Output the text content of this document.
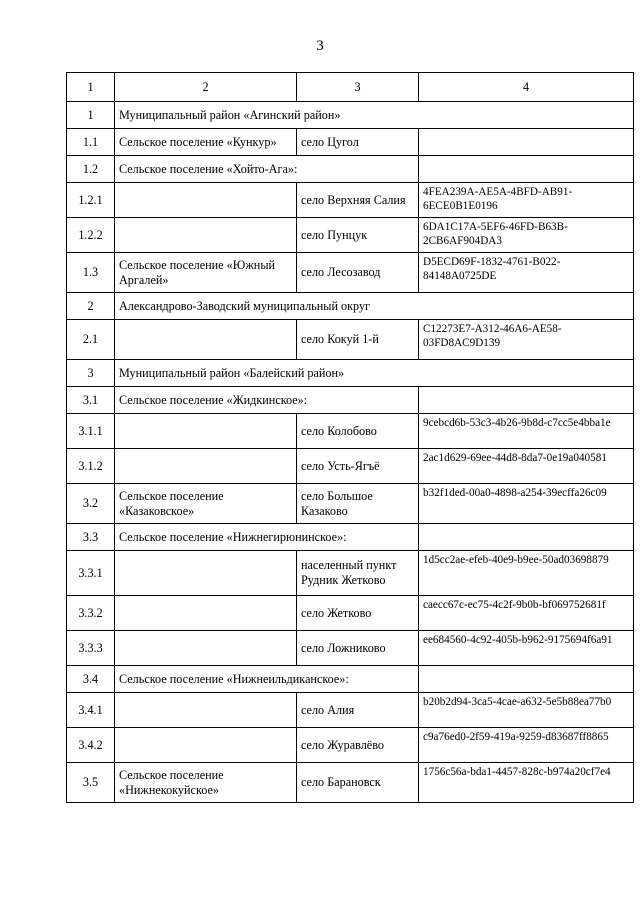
3
1	2	3	4
1	Муниципальный район «Агинский район»		
1.1	Сельское поселение «Кункур»	село Цугол	
1.2	Сельское поселение «Хойто-Ага»:		
1.2.1		село Верхняя Салия	4FEA239A-AE5A-4BFD-AB91-6ECE0B1E0196
1.2.2		село Пунцук	6DA1C17A-5EF6-46FD-B63B-2CB6AF904DA3
1.3	Сельское поселение «Южный Аргалей»	село Лесозавод	D5ECD69F-1832-4761-B022-84148A0725DE
2	Александрово-Заводский муниципальный округ		
2.1		село Кокуй 1-й	C12273E7-A312-46A6-AE58-03FD8AC9D139
3	Муниципальный район «Балейский район»		
3.1	Сельское поселение «Жидкинское»:		
3.1.1		село Колобово	9cebcd6b-53c3-4b26-9b8d-c7cc5e4bba1e
3.1.2		село Усть-Ягъё	2ac1d629-69ee-44d8-8da7-0e19a040581
3.2	Сельское поселение «Казаковское»	село Большое Казаково	b32f1ded-00a0-4898-a254-39ecffa26c09
3.3	Сельское поселение «Нижнегирюнинское»:		
3.3.1		населенный пункт Рудник Жетково	1d5cc2ae-efeb-40e9-b9ee-50ad03698879
3.3.2		село Жетково	caecc67c-ec75-4c2f-9b0b-bf069752681f
3.3.3		село Ложниково	ee684560-4c92-405b-b962-9175694f6a91
3.4	Сельское поселение «Нижнеильдиканское»:		
3.4.1		село Алия	b20b2d94-3ca5-4cae-a632-5e5b88ea77b0
3.4.2		село Журавлёво	c9a76ed0-2f59-419a-9259-d83687ff8865
3.5	Сельское поселение «Нижнекокуйское»	село Барановск	1756c56a-bda1-4457-828c-b974a20cf7e4
